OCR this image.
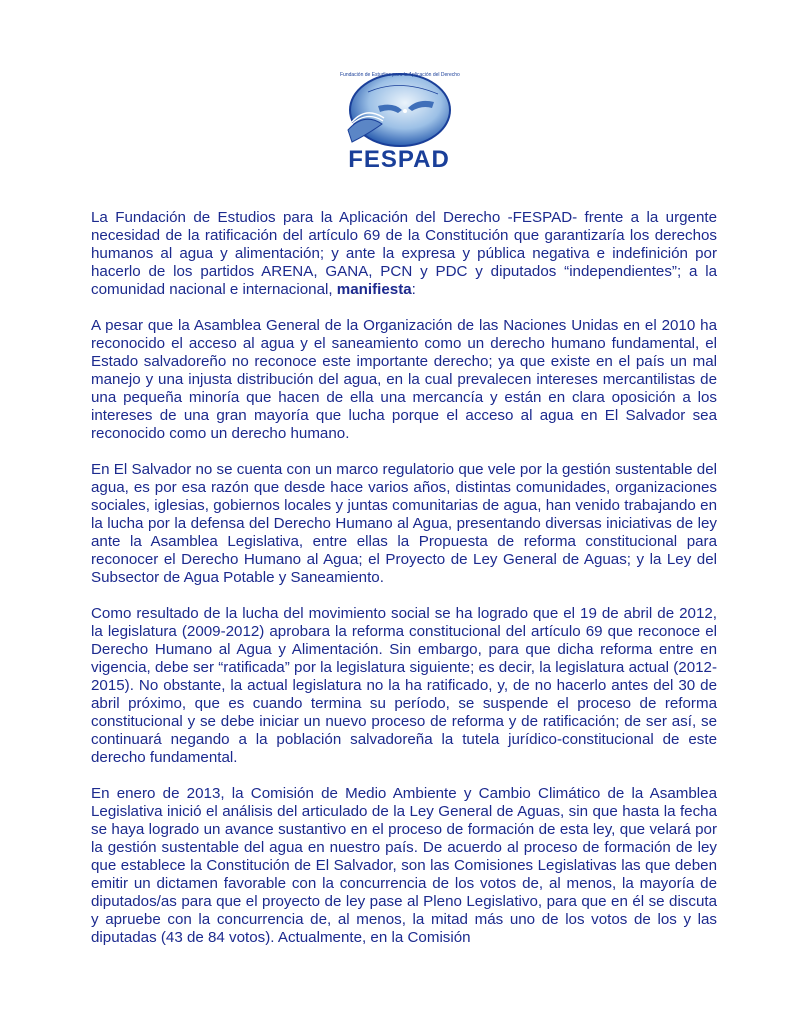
Fundación de Estudios para la Aplicación del Derecho
FESPAD

La Fundación de Estudios para la Aplicación del Derecho -FESPAD- frente a la urgente necesidad de la ratificación del artículo 69 de la Constitución que garantizaría los derechos humanos al agua y alimentación; y ante la expresa y pública negativa e indefinición por hacerlo de los partidos ARENA, GANA, PCN y PDC y diputados “independientes”; a la comunidad nacional e internacional, manifiesta:

A pesar que la Asamblea General de la Organización de las Naciones Unidas en el 2010 ha reconocido el acceso al agua y el saneamiento como un derecho humano fundamental, el Estado salvadoreño no reconoce este importante derecho; ya que existe en el país un mal manejo y una injusta distribución del agua, en la cual prevalecen intereses mercantilistas de una pequeña minoría que hacen de ella una mercancía y están en clara oposición a los intereses de una gran mayoría que lucha porque el acceso al agua en El Salvador sea reconocido como un derecho humano.

En El Salvador no se cuenta con un marco regulatorio que vele por la gestión sustentable del agua, es por esa razón que desde hace varios años, distintas comunidades, organizaciones sociales, iglesias, gobiernos locales y juntas comunitarias de agua, han venido trabajando en la lucha por la defensa del Derecho Humano al Agua, presentando diversas iniciativas de ley ante la Asamblea Legislativa, entre ellas la Propuesta de reforma constitucional para reconocer el Derecho Humano al Agua; el Proyecto de Ley General de Aguas; y la Ley del Subsector de Agua Potable y Saneamiento.

Como resultado de la lucha del movimiento social se ha logrado que el 19 de abril de 2012, la legislatura (2009-2012) aprobara la reforma constitucional del artículo 69 que reconoce el Derecho Humano al Agua y Alimentación. Sin embargo, para que dicha reforma entre en vigencia, debe ser “ratificada” por la legislatura siguiente; es decir, la legislatura actual (2012-2015). No obstante, la actual legislatura no la ha ratificado, y, de no hacerlo antes del 30 de abril próximo, que es cuando termina su período, se suspende el proceso de reforma constitucional y se debe iniciar un nuevo proceso de reforma y de ratificación; de ser así, se continuará negando a la población salvadoreña la tutela jurídico-constitucional de este derecho fundamental.

En enero de 2013, la Comisión de Medio Ambiente y Cambio Climático de la Asamblea Legislativa inició el análisis del articulado de la Ley General de Aguas, sin que hasta la fecha se haya logrado un avance sustantivo en el proceso de formación de esta ley, que velará por la gestión sustentable del agua en nuestro país. De acuerdo al proceso de formación de ley que establece la Constitución de El Salvador, son las Comisiones Legislativas las que deben emitir un dictamen favorable con la concurrencia de los votos de, al menos, la mayoría de diputados/as para que el proyecto de ley pase al Pleno Legislativo, para que en él se discuta y apruebe con la concurrencia de, al menos, la mitad más uno de los votos de los y las diputadas (43 de 84 votos). Actualmente, en la Comisión
